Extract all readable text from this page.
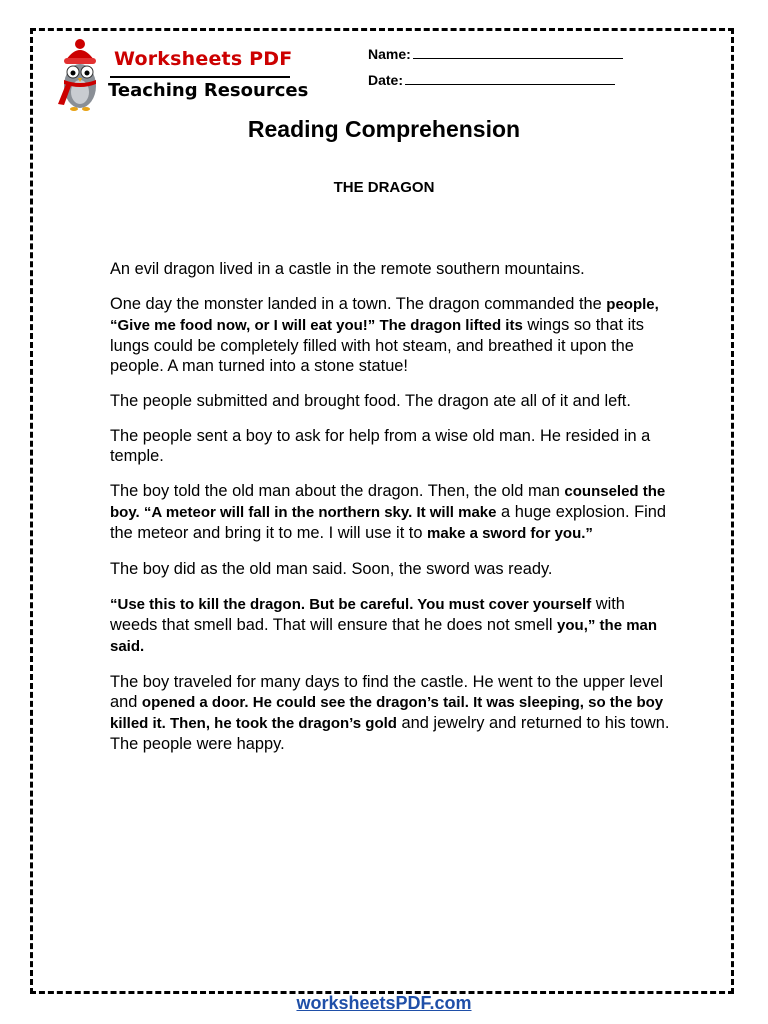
Worksheets PDF
Teaching Resources
Name:
Date:
Reading Comprehension
THE DRAGON

An evil dragon lived in a castle in the remote southern mountains.

One day the monster landed in a town. The dragon commanded the people, “Give me food now, or I will eat you!” The dragon lifted its wings so that its lungs could be completely filled with hot steam, and breathed it upon the people. A man turned into a stone statue!

The people submitted and brought food. The dragon ate all of it and left.

The people sent a boy to ask for help from a wise old man. He resided in a temple.

The boy told the old man about the dragon. Then, the old man counseled the boy. “A meteor will fall in the northern sky. It will make a huge explosion. Find the meteor and bring it to me. I will use it to make a sword for you.”

The boy did as the old man said. Soon, the sword was ready.

“Use this to kill the dragon. But be careful. You must cover yourself with weeds that smell bad. That will ensure that he does not smell you,” the man said.

The boy traveled for many days to find the castle. He went to the upper level and opened a door. He could see the dragon’s tail. It was sleeping, so the boy killed it. Then, he took the dragon’s gold and jewelry and returned to his town. The people were happy.

worksheetsPDF.com
